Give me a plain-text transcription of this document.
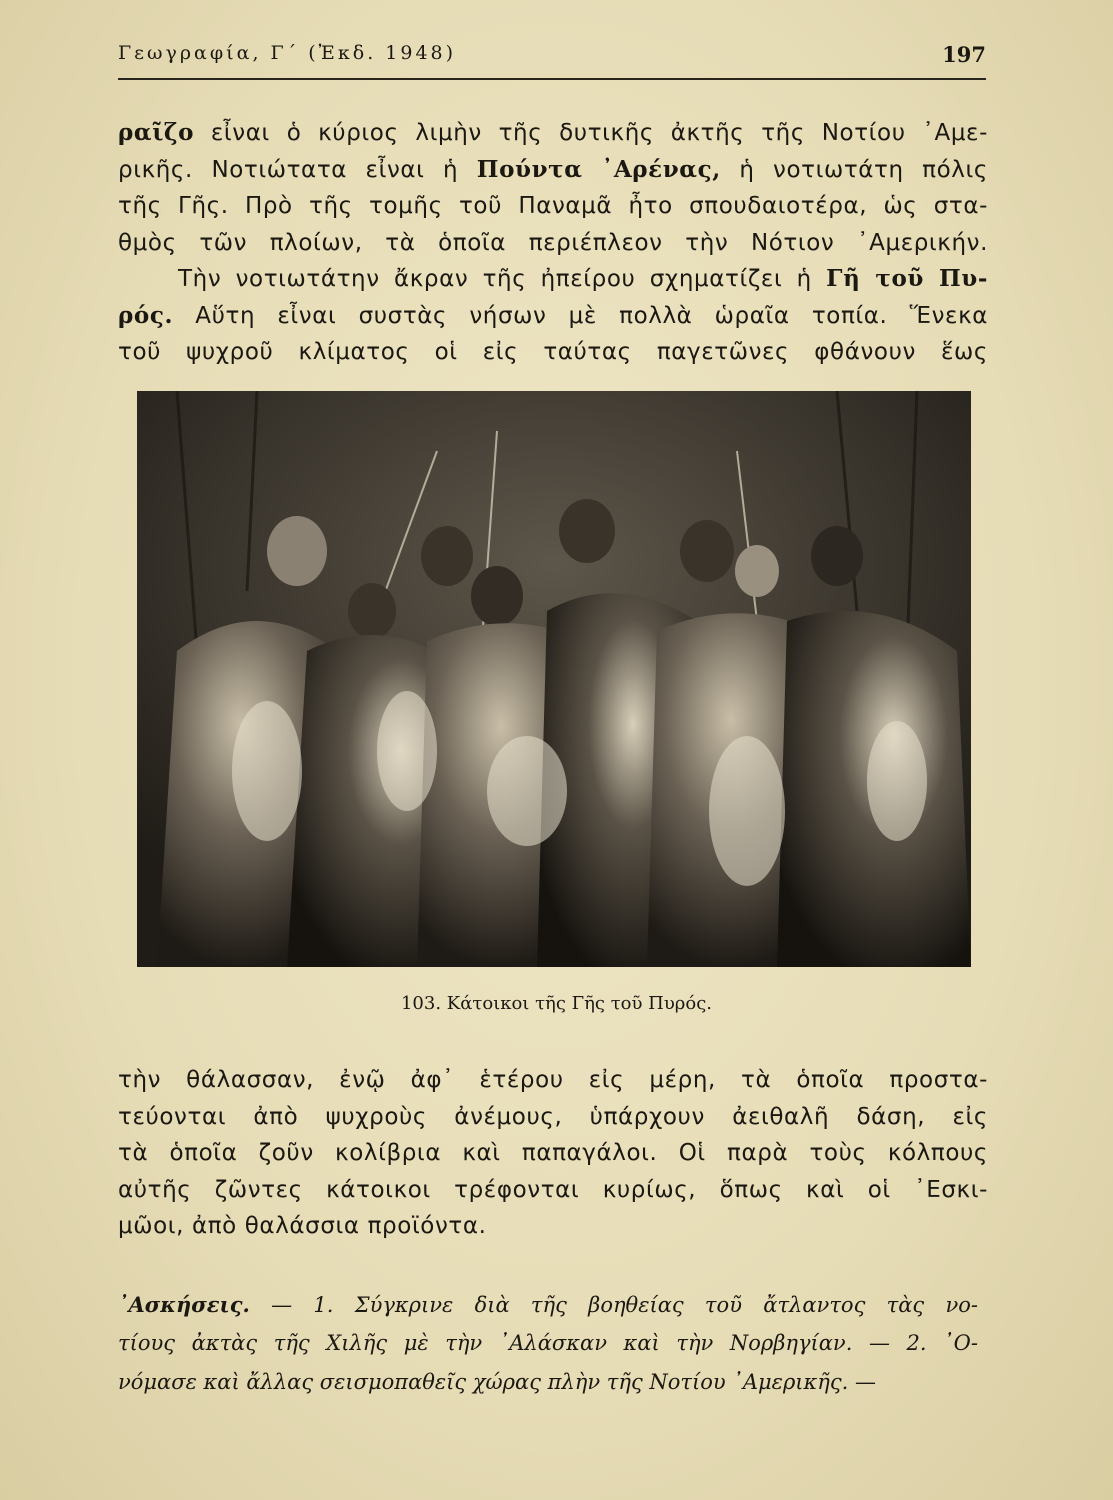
Γεωγραφία, Γ΄ (Ἐκδ. 1948)	197
ραῖζο εἶναι ὁ κύριος λιμὴν τῆς δυτικῆς ἀκτῆς τῆς Νοτίου ᾿Αμε-
ρικῆς. Νοτιώτατα εἶναι ἡ Πούντα ᾿Αρένας, ἡ νοτιωτάτη πόλις
τῆς Γῆς. Πρὸ τῆς τομῆς τοῦ Παναμᾶ ἦτο σπουδαιοτέρα, ὡς στα-
θμὸς τῶν πλοίων, τὰ ὁποῖα περιέπλεον τὴν Νότιον ᾿Αμερικήν.
Τὴν νοτιωτάτην ἄκραν τῆς ἠπείρου σχηματίζει ἡ Γῆ τοῦ Πυ-
ρός. Αὕτη εἶναι συστὰς νήσων μὲ πολλὰ ὡραῖα τοπία. Ἕνεκα
τοῦ ψυχροῦ κλίματος οἱ εἰς ταύτας παγετῶνες φθάνουν ἕως
103. Κάτοικοι τῆς Γῆς τοῦ Πυρός.
τὴν θάλασσαν, ἐνῷ ἀφ᾿ ἑτέρου εἰς μέρη, τὰ ὁποῖα προστα-
τεύονται ἀπὸ ψυχροὺς ἀνέμους, ὑπάρχουν ἀειθαλῆ δάση, εἰς
τὰ ὁποῖα ζοῦν κολίβρια καὶ παπαγάλοι. Οἱ παρὰ τοὺς κόλπους
αὐτῆς ζῶντες κάτοικοι τρέφονται κυρίως, ὅπως καὶ οἱ ᾿Εσκι-
μῶοι, ἀπὸ θαλάσσια προϊόντα.
᾿Ασκήσεις. — 1. Σύγκρινε διὰ τῆς βοηθείας τοῦ ἄτλαντος τὰς νο-
τίους ἀκτὰς τῆς Χιλῆς μὲ τὴν ᾿Αλάσκαν καὶ τὴν Νορβηγίαν. — 2. ᾿Ο-
νόμασε καὶ ἄλλας σεισμοπαθεῖς χώρας πλὴν τῆς Νοτίου ᾿Αμερικῆς. —
